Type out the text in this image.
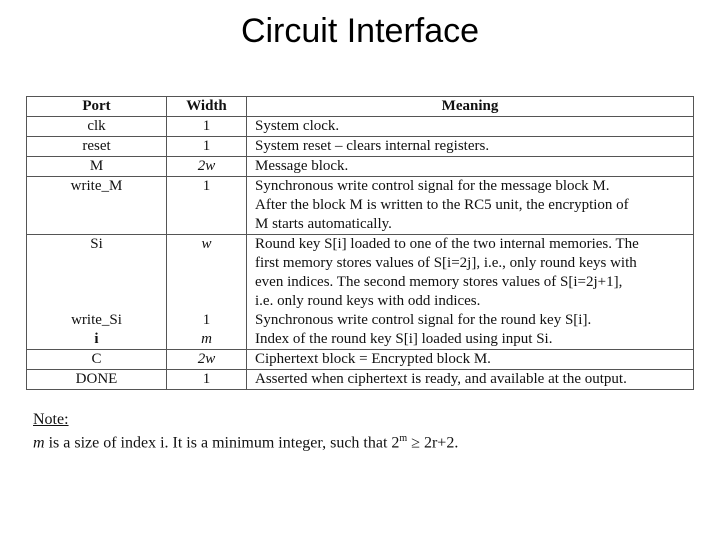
Circuit Interface
Port	Width	Meaning
clk	1	System clock.
reset	1	System reset – clears internal registers.
M	2w	Message block.
write_M	1	Synchronous write control signal for the message block M.
After the block M is written to the RC5 unit, the encryption of
M starts automatically.

Si	w	Round key S[i] loaded to one of the two internal memories. The
first memory stores values of S[i=2j], i.e., only round keys with
even indices. The second memory stores values of S[i=2j+1],
i.e. only round keys with odd indices.

write_Si	1	Synchronous write control signal for the round key S[i].
i	m	Index of the round key S[i] loaded using input Si.
C	2w	Ciphertext block = Encrypted block M.
DONE	1	Asserted when ciphertext is ready, and available at the output.
Note:
m is a size of index i. It is a minimum integer, such that $2^m \ge 2r+2$.
